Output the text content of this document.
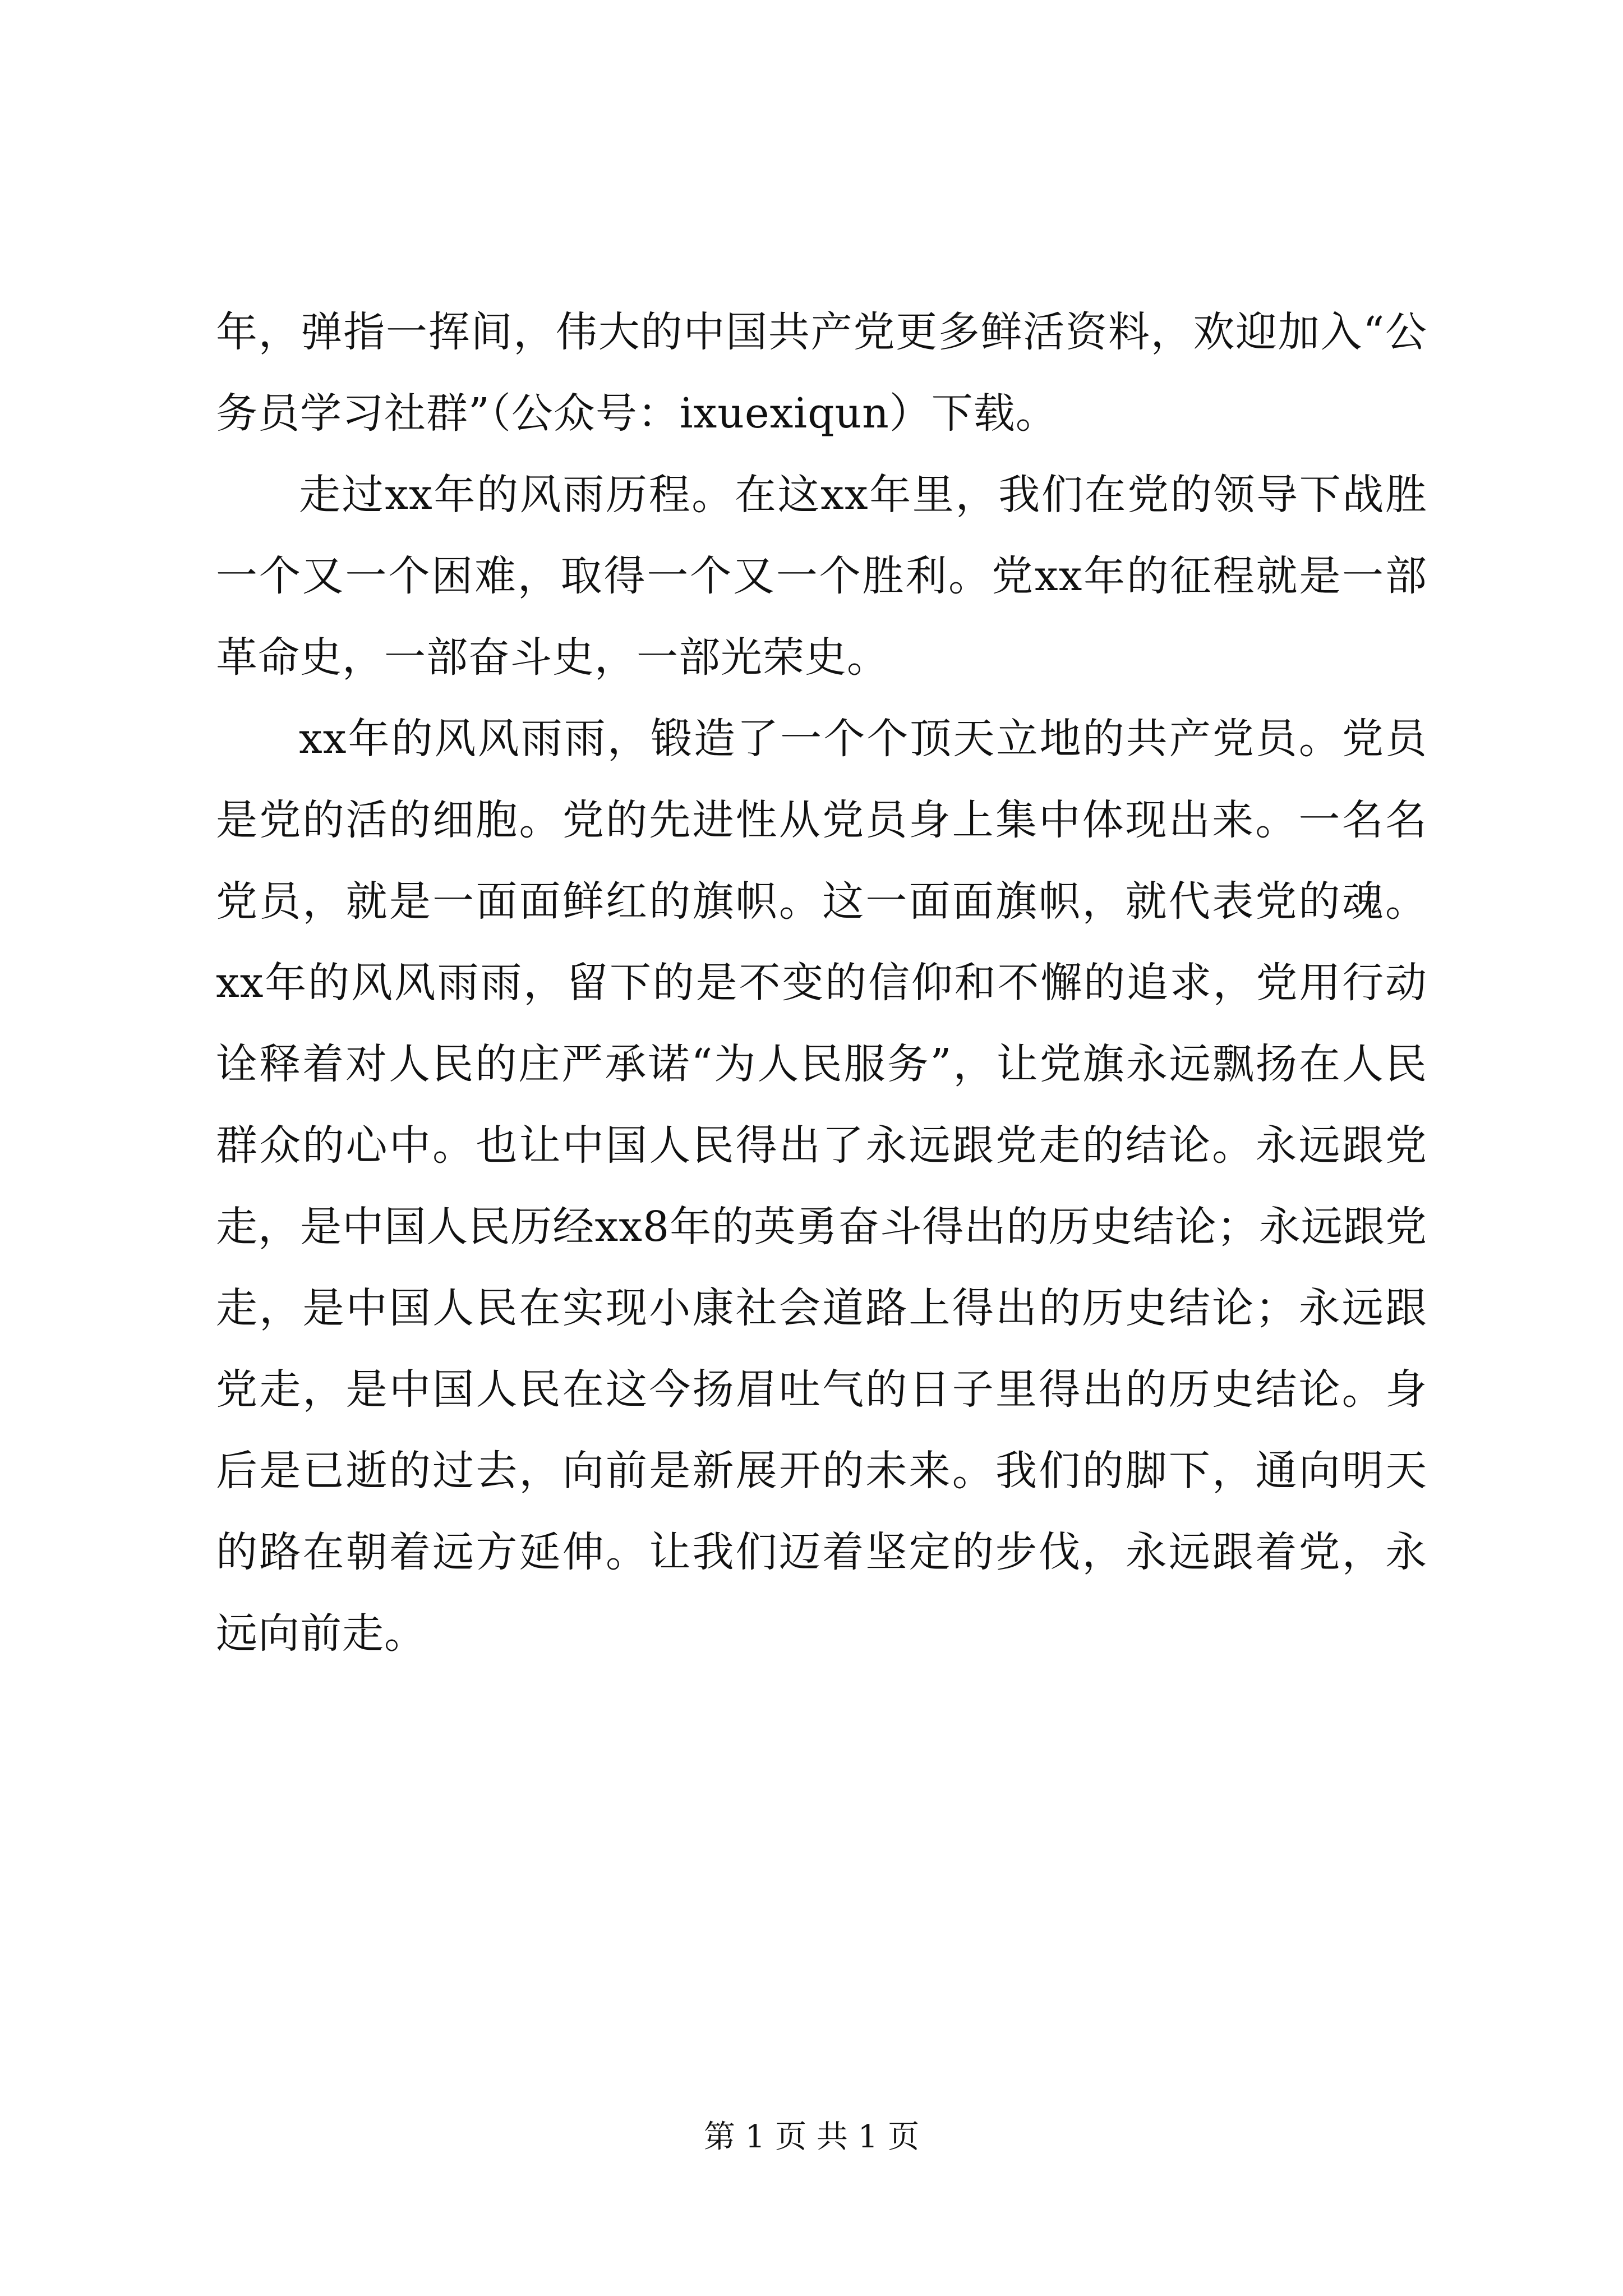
年，弹指一挥间，伟大的中国共产党更多鲜活资料，欢迎加入“公务员学习社群”（公众号：ixuexiqun）下载。

走过xx年的风雨历程。在这xx年里，我们在党的领导下战胜一个又一个困难，取得一个又一个胜利。党xx年的征程就是一部革命史，一部奋斗史，一部光荣史。

xx年的风风雨雨，锻造了一个个顶天立地的共产党员。党员是党的活的细胞。党的先进性从党员身上集中体现出来。一名名党员，就是一面面鲜红的旗帜。这一面面旗帜，就代表党的魂。xx年的风风雨雨，留下的是不变的信仰和不懈的追求，党用行动诠释着对人民的庄严承诺“为人民服务”，让党旗永远飘扬在人民群众的心中。也让中国人民得出了永远跟党走的结论。永远跟党走，是中国人民历经xx8年的英勇奋斗得出的历史结论；永远跟党走，是中国人民在实现小康社会道路上得出的历史结论；永远跟党走，是中国人民在这今扬眉吐气的日子里得出的历史结论。身后是已逝的过去，向前是新展开的未来。我们的脚下，通向明天的路在朝着远方延伸。让我们迈着坚定的步伐，永远跟着党，永远向前走。

第 1 页 共 1 页
